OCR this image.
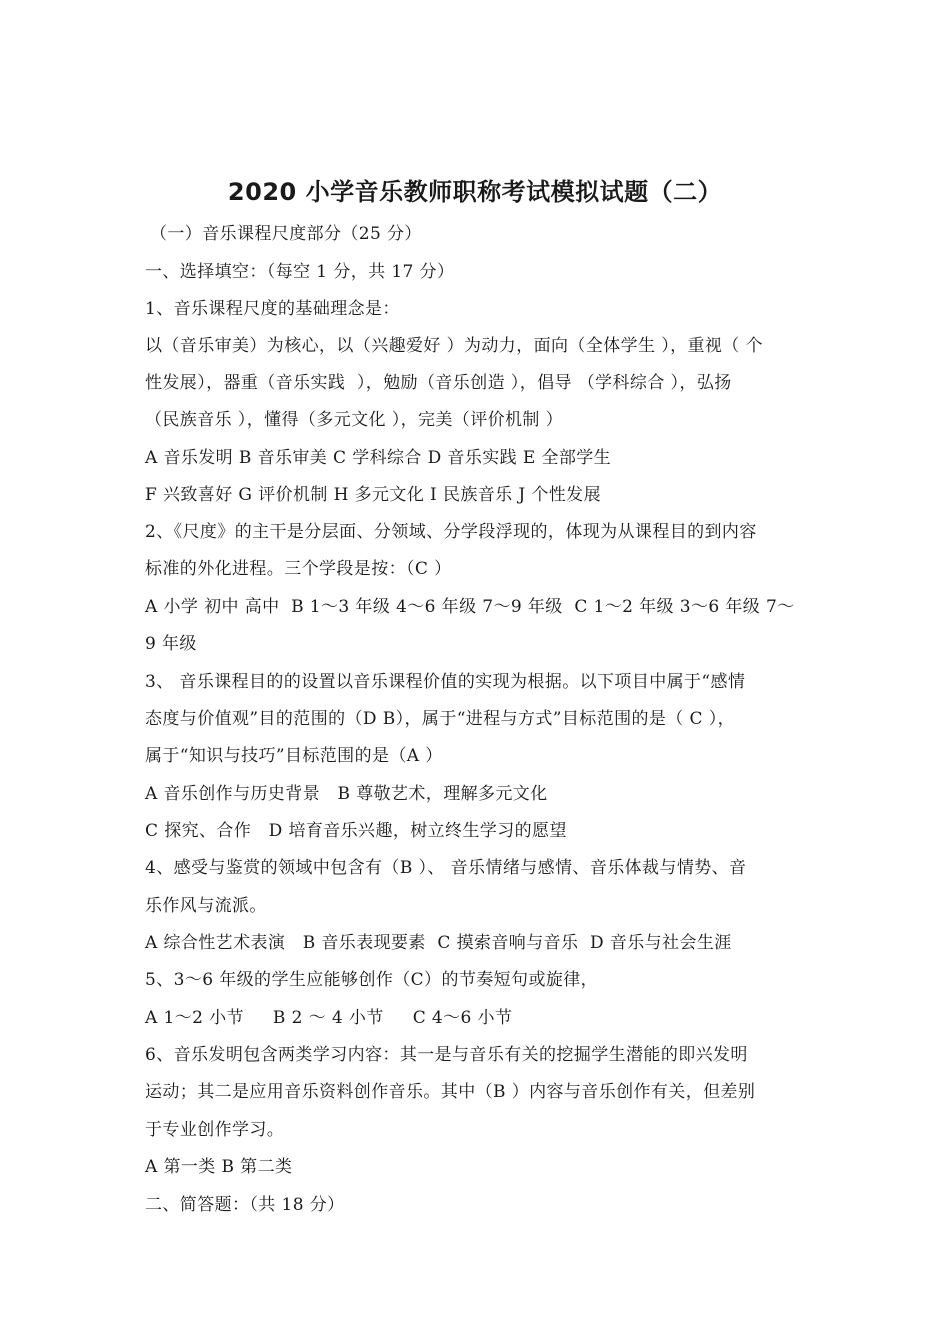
2020 小学音乐教师职称考试模拟试题（二）
（一）音乐课程尺度部分（25 分）
一、选择填空：（每空 1 分，共 17 分）
1、音乐课程尺度的基础理念是：
以（音乐审美）为核心，以（兴趣爱好 ）为动力，面向（全体学生 ），重视（ 个
性发展），器重（音乐实践  ），勉励（音乐创造 ），倡导 （学科综合 ），弘扬
（民族音乐 ），懂得（多元文化 ），完美（评价机制 ）
A 音乐发明 B 音乐审美 C 学科综合 D 音乐实践 E 全部学生
F 兴致喜好 G 评价机制 H 多元文化 I 民族音乐 J 个性发展
2、《尺度》的主干是分层面、分领域、分学段浮现的，体现为从课程目的到内容
标准的外化进程。三个学段是按：（C ）
A 小学 初中 高中  B 1～3 年级 4～6 年级 7～9 年级  C 1～2 年级 3～6 年级 7～
9 年级
3、 音乐课程目的的设置以音乐课程价值的实现为根据。以下项目中属于“感情
态度与价值观”目的范围的（D B），属于“进程与方式”目标范围的是（ C ），
属于“知识与技巧”目标范围的是（A ）
A 音乐创作与历史背景   B 尊敬艺术，理解多元文化
C 探究、合作   D 培育音乐兴趣，树立终生学习的愿望
4、感受与鉴赏的领域中包含有（B ）、 音乐情绪与感情、音乐体裁与情势、音
乐作风与流派。
A 综合性艺术表演   B 音乐表现要素  C 摸索音响与音乐  D 音乐与社会生涯
5、3～6 年级的学生应能够创作（C）的节奏短句或旋律，
A 1～2 小节     B 2 ～ 4 小节     C 4～6 小节
6、音乐发明包含两类学习内容：其一是与音乐有关的挖掘学生潜能的即兴发明
运动；其二是应用音乐资料创作音乐。其中（B ）内容与音乐创作有关，但差别
于专业创作学习。
A 第一类 B 第二类
二、简答题：（共 18 分）
